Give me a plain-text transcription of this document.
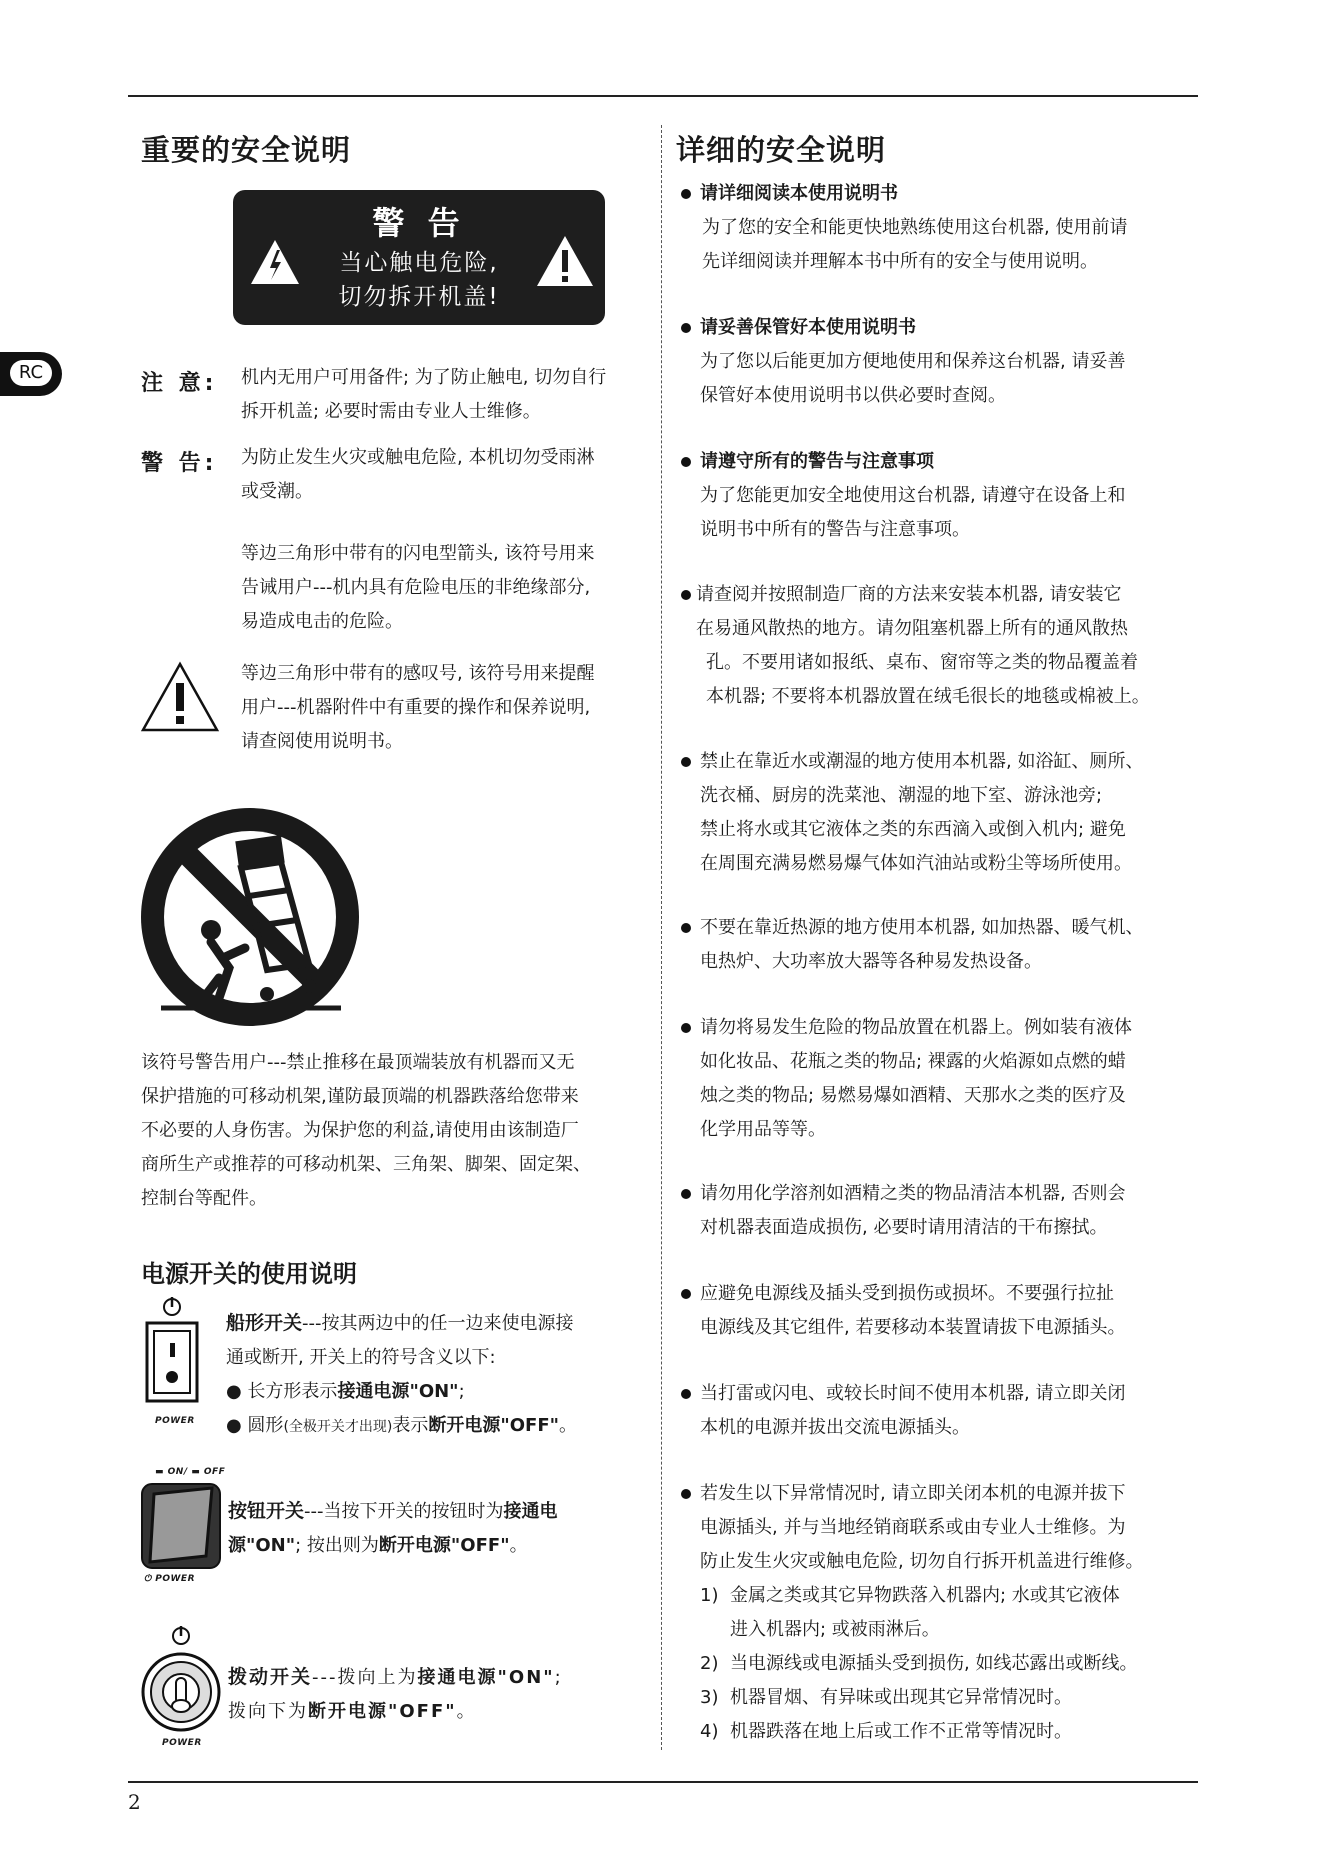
RC
重要的安全说明
警 告
当心触电危险,
切勿拆开机盖!
注 意: 机内无用户可用备件; 为了防止触电, 切勿自行
拆开机盖; 必要时需由专业人士维修。
警 告: 为防止发生火灾或触电危险, 本机切勿受雨淋
或受潮。
等边三角形中带有的闪电型箭头, 该符号用来
告诫用户---机内具有危险电压的非绝缘部分,
易造成电击的危险。
等边三角形中带有的感叹号, 该符号用来提醒
用户---机器附件中有重要的操作和保养说明,
请查阅使用说明书。
该符号警告用户---禁止推移在最顶端装放有机器而又无
保护措施的可移动机架,谨防最顶端的机器跌落给您带来
不必要的人身伤害。为保护您的利益,请使用由该制造厂
商所生产或推荐的可移动机架、三角架、脚架、固定架、
控制台等配件。
电源开关的使用说明
POWER
船形开关---按其两边中的任一边来使电源接
通或断开, 开关上的符号含义以下:
● 长方形表示接通电源"ON";
● 圆形(全极开关才出现)表示断开电源"OFF"。
▬ ON/ ▬ OFF
⏻ POWER
按钮开关---当按下开关的按钮时为接通电
源"ON"; 按出则为断开电源"OFF"。
POWER
拨动开关---拨向上为接通电源"ON";
拨向下为断开电源"OFF"。
详细的安全说明
请详细阅读本使用说明书
为了您的安全和能更快地熟练使用这台机器, 使用前请
先详细阅读并理解本书中所有的安全与使用说明。
请妥善保管好本使用说明书
为了您以后能更加方便地使用和保养这台机器, 请妥善
保管好本使用说明书以供必要时查阅。
请遵守所有的警告与注意事项
为了您能更加安全地使用这台机器, 请遵守在设备上和
说明书中所有的警告与注意事项。
请查阅并按照制造厂商的方法来安装本机器, 请安装它
在易通风散热的地方。请勿阻塞机器上所有的通风散热
孔。不要用诸如报纸、桌布、窗帘等之类的物品覆盖着
本机器; 不要将本机器放置在绒毛很长的地毯或棉被上。
禁止在靠近水或潮湿的地方使用本机器, 如浴缸、厕所、
洗衣桶、厨房的洗菜池、潮湿的地下室、游泳池旁;
禁止将水或其它液体之类的东西滴入或倒入机内; 避免
在周围充满易燃易爆气体如汽油站或粉尘等场所使用。
不要在靠近热源的地方使用本机器, 如加热器、暖气机、
电热炉、大功率放大器等各种易发热设备。
请勿将易发生危险的物品放置在机器上。例如装有液体
如化妆品、花瓶之类的物品; 裸露的火焰源如点燃的蜡
烛之类的物品; 易燃易爆如酒精、天那水之类的医疗及
化学用品等等。
请勿用化学溶剂如酒精之类的物品清洁本机器, 否则会
对机器表面造成损伤, 必要时请用清洁的干布擦拭。
应避免电源线及插头受到损伤或损坏。不要强行拉扯
电源线及其它组件, 若要移动本装置请拔下电源插头。
当打雷或闪电、或较长时间不使用本机器, 请立即关闭
本机的电源并拔出交流电源插头。
若发生以下异常情况时, 请立即关闭本机的电源并拔下
电源插头, 并与当地经销商联系或由专业人士维修。为
防止发生火灾或触电危险, 切勿自行拆开机盖进行维修。
1) 金属之类或其它异物跌落入机器内; 水或其它液体
进入机器内; 或被雨淋后。
2) 当电源线或电源插头受到损伤, 如线芯露出或断线。
3) 机器冒烟、有异味或出现其它异常情况时。
4) 机器跌落在地上后或工作不正常等情况时。
2
